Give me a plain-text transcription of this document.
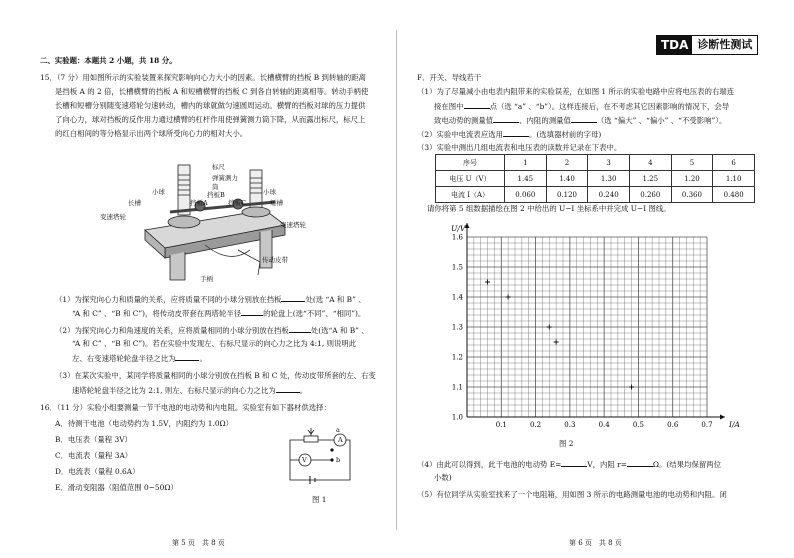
二、实验题：本题共 2 小题，共 18 分。
15．（7 分）用如图所示的实验装置来探究影响向心力大小的因素。长槽横臂的挡板 B 到转轴的距离
是挡板 A 的 2 倍，长槽横臂的挡板 A 和短槽横臂的挡板 C 到各自转轴的距离相等。转动手柄使
长槽和短槽分别随变速塔轮匀速转动，槽内的球就做匀速圆周运动。横臂的挡板对球的压力提供
了向心力，球对挡板的反作用力通过横臂的杠杆作用使弹簧测力筒下降，从而露出标尺，标尺上
的红白相间的等分格显示出两个球所受向心力的相对大小。
标尺
弹簧测力
筒
小球
长槽
挡板B
挡板A	挡板C
小球
短槽
变速塔轮
变速塔轮
传动皮带
手柄
（1）为探究向心力和质量的关系，应将质量不同的小球分别放在挡板	处(选 “A 和 B” 、
“A 和 C” 、“B 和 C”)，将传动皮带套在两塔轮半径	的轮盘上(选“不同”、“相同”)。
（2）为探究向心力和角速度的关系，应将质量相同的小球分别放在挡板	处(选“A 和 B” 、
“A 和 C” 、“B 和 C”)。若在实验中发现左、右标尺显示的向心力之比为 4:1, 则说明此
左、右变速塔轮轮盘半径之比为	。
（3）在某次实验中，某同学将质量相同的小球分别放在挡板 B 和 C 处，传动皮带所套的左、右变
速塔轮轮盘半径之比为 2:1, 则左、右标尺显示的向心力之比为	。
16．（11 分）实验小组要测量一节干电池的电动势和内电阻。实验室有如下器材供选择：
A．待测干电池（电动势约为 1.5V，内阻约为 1.0Ω）
B．电压表（量程 3V）
C．电流表（量程 3A）
D．电流表（量程 0.6A）
E．滑动变阻器（阻值范围 0~50Ω）
a
b
A
V
图 1
第 5 页　共 8 页
F．开关、导线若干
（1）为了尽量减小由电表内阻带来的实验误差，在如图 1 所示的实验电路中应将电压表的右端连
接在图中	点（选 “a” 、“b”）。这样连接后，在不考虑其它因素影响的情况下，会导
致电动势的测量值	、内阻的测量值	（选 “偏大” 、“偏小” 、“不受影响”）。
（2）实验中电流表应选用	。(选填器材前的字母)
（3）实验中测出几组电流表和电压表的读数并记录在下表中。
序号	1	2	3	4	5	6
电压 U（V）	1.45	1.40	1.30	1.25	1.20	1.10
电流 I（A）	0.060	0.120	0.240	0.260	0.360	0.480
请你将第 5 组数据描绘在图 2 中给出的 U−I 坐标系中并完成 U−I 图线。
0.1	0.2	0.3	0.4	0.5	0.6	0.7
1.0
1.1
1.2
1.3
1.4
1.5
1.6
I/A
U/V
图 2
（4）由此可以得到，此干电池的电动势 E=	V，内阻 r=	Ω。(结果均保留两位
小数)
（5）有位同学从实验室找来了一个电阻箱，用如图 3 所示的电路测量电池的电动势和内阻。闭
第 6 页　共 8 页
TDA 诊断性测试
